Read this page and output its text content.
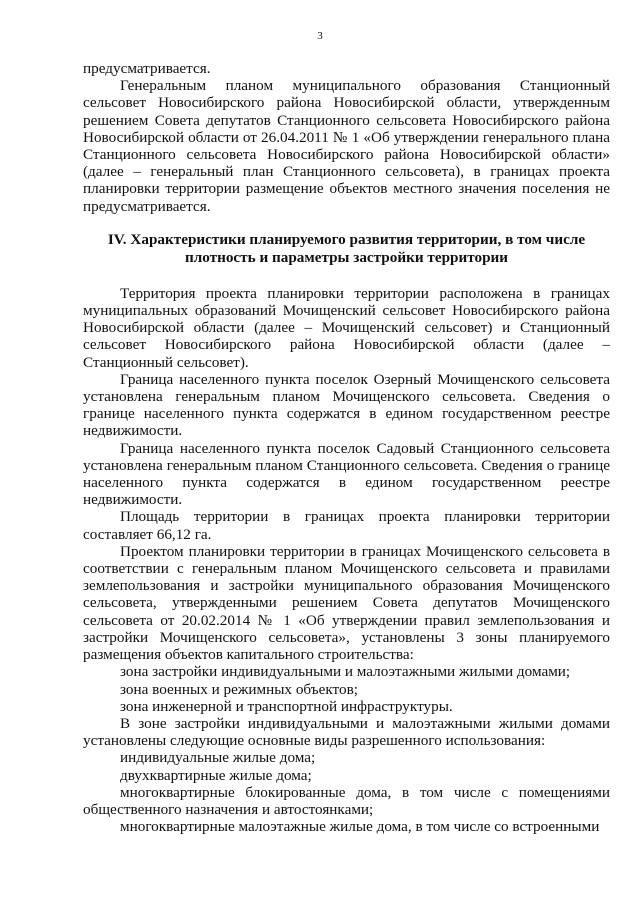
3

предусматривается.

Генеральным планом муниципального образования Станционный сельсовет Новосибирского района Новосибирской области, утвержденным решением Совета депутатов Станционного сельсовета Новосибирского района Новосибирской области от 26.04.2011 № 1 «Об утверждении генерального плана Станционного сельсовета Новосибирского района Новосибирской области» (далее – генеральный план Станционного сельсовета), в границах проекта планировки территории размещение объектов местного значения поселения не предусматривается.

IV. Характеристики планируемого развития территории, в том числе плотность и параметры застройки территории

Территория проекта планировки территории расположена в границах муниципальных образований Мочищенский сельсовет Новосибирского района Новосибирской области (далее – Мочищенский сельсовет) и Станционный сельсовет Новосибирского района Новосибирской области (далее – Станционный сельсовет).

Граница населенного пункта поселок Озерный Мочищенского сельсовета установлена генеральным планом Мочищенского сельсовета. Сведения о границе населенного пункта содержатся в едином государственном реестре недвижимости.

Граница населенного пункта поселок Садовый Станционного сельсовета установлена генеральным планом Станционного сельсовета. Сведения о границе населенного пункта содержатся в едином государственном реестре недвижимости.

Площадь территории в границах проекта планировки территории составляет 66,12 га.

Проектом планировки территории в границах Мочищенского сельсовета в соответствии с генеральным планом Мочищенского сельсовета и правилами землепользования и застройки муниципального образования Мочищенского сельсовета, утвержденными решением Совета депутатов Мочищенского сельсовета от 20.02.2014 № 1 «Об утверждении правил землепользования и застройки Мочищенского сельсовета», установлены 3 зоны планируемого размещения объектов капитального строительства:

зона застройки индивидуальными и малоэтажными жилыми домами;

зона военных и режимных объектов;

зона инженерной и транспортной инфраструктуры.

В зоне застройки индивидуальными и малоэтажными жилыми домами установлены следующие основные виды разрешенного использования:

индивидуальные жилые дома;

двухквартирные жилые дома;

многоквартирные блокированные дома, в том числе с помещениями общественного назначения и автостоянками;

многоквартирные малоэтажные жилые дома, в том числе со встроенными
